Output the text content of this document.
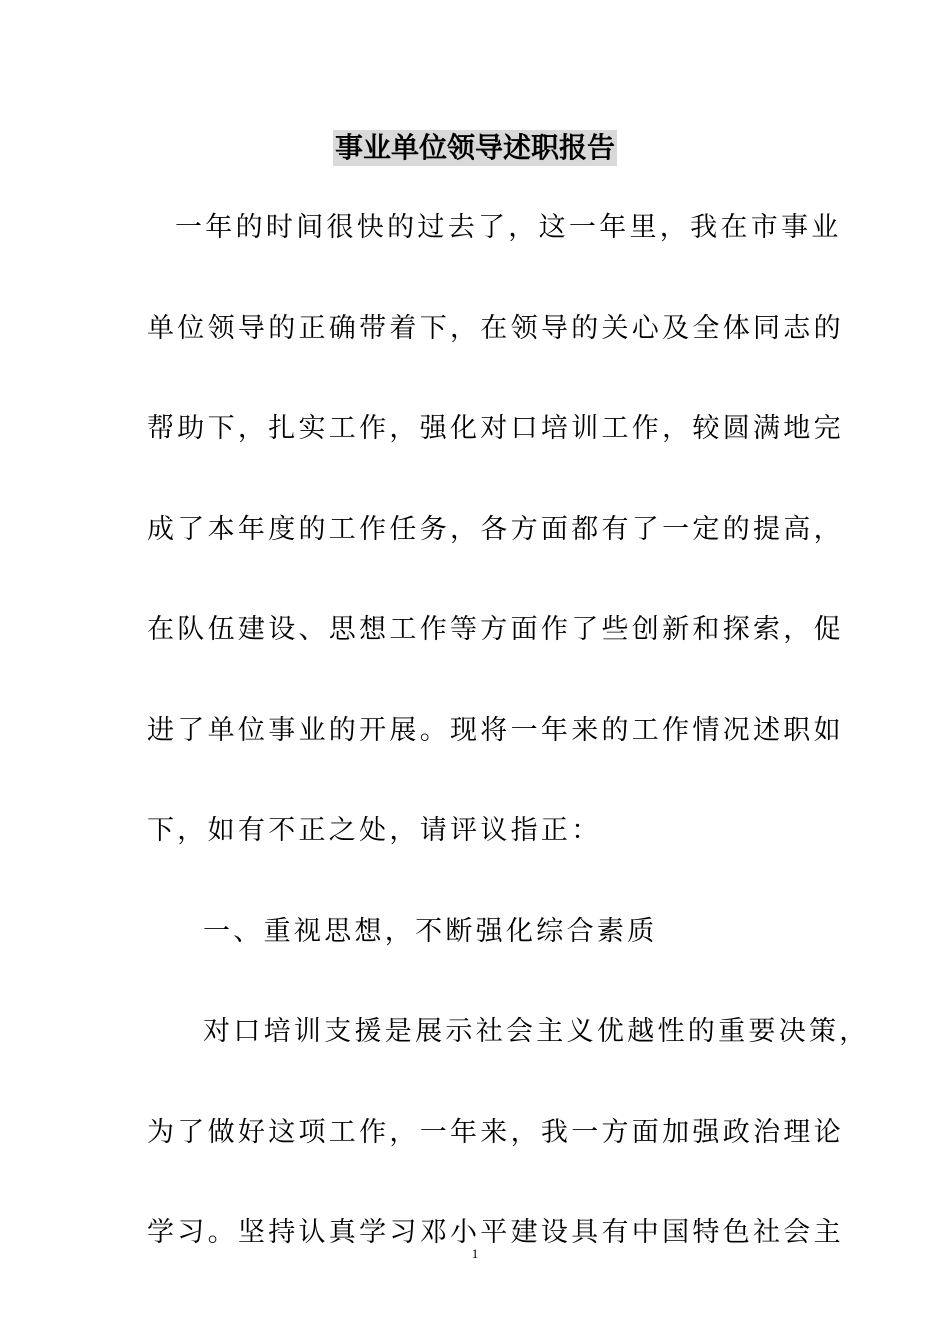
事业单位领导述职报告
一年的时间很快的过去了，这一年里，我在市事业
单位领导的正确带着下，在领导的关心及全体同志的
帮助下，扎实工作，强化对口培训工作，较圆满地完
成了本年度的工作任务，各方面都有了一定的提高，
在队伍建设、思想工作等方面作了些创新和探索，促
进了单位事业的开展。现将一年来的工作情况述职如
下，如有不正之处，请评议指正：
一、重视思想，不断强化综合素质
对口培训支援是展示社会主义优越性的重要决策，
为了做好这项工作，一年来，我一方面加强政治理论
学习。坚持认真学习邓小平建设具有中国特色社会主
1
